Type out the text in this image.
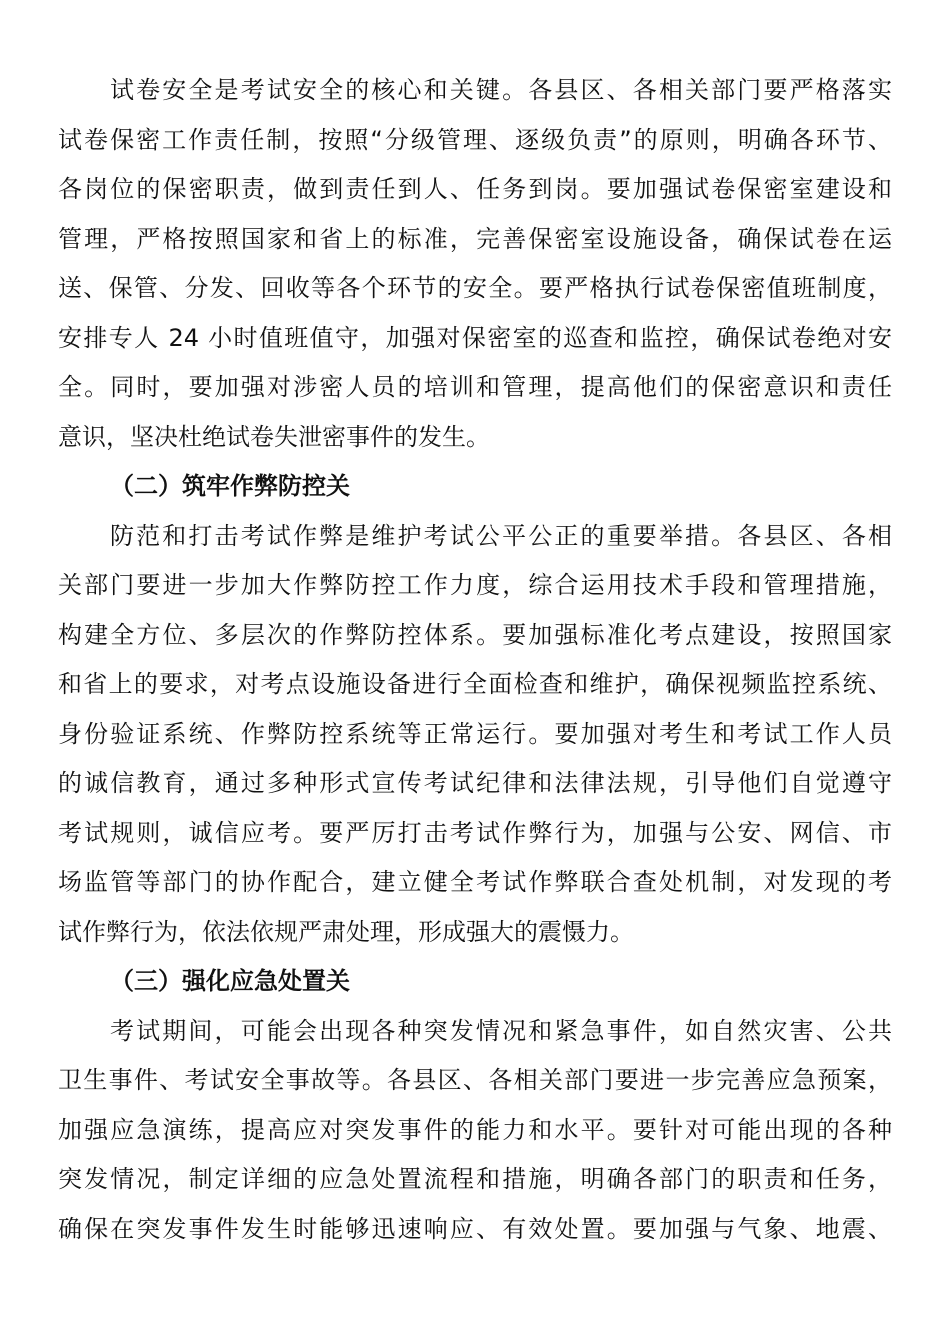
试卷安全是考试安全的核心和关键。各县区、各相关部门要严格落实
试卷保密工作责任制，按照“分级管理、逐级负责”的原则，明确各环节、
各岗位的保密职责，做到责任到人、任务到岗。要加强试卷保密室建设和
管理，严格按照国家和省上的标准，完善保密室设施设备，确保试卷在运
送、保管、分发、回收等各个环节的安全。要严格执行试卷保密值班制度，
安排专人 24 小时值班值守，加强对保密室的巡查和监控，确保试卷绝对安
全。同时，要加强对涉密人员的培训和管理，提高他们的保密意识和责任
意识，坚决杜绝试卷失泄密事件的发生。
（二）筑牢作弊防控关
防范和打击考试作弊是维护考试公平公正的重要举措。各县区、各相
关部门要进一步加大作弊防控工作力度，综合运用技术手段和管理措施，
构建全方位、多层次的作弊防控体系。要加强标准化考点建设，按照国家
和省上的要求，对考点设施设备进行全面检查和维护，确保视频监控系统、
身份验证系统、作弊防控系统等正常运行。要加强对考生和考试工作人员
的诚信教育，通过多种形式宣传考试纪律和法律法规，引导他们自觉遵守
考试规则，诚信应考。要严厉打击考试作弊行为，加强与公安、网信、市
场监管等部门的协作配合，建立健全考试作弊联合查处机制，对发现的考
试作弊行为，依法依规严肃处理，形成强大的震慑力。
（三）强化应急处置关
考试期间，可能会出现各种突发情况和紧急事件，如自然灾害、公共
卫生事件、考试安全事故等。各县区、各相关部门要进一步完善应急预案，
加强应急演练，提高应对突发事件的能力和水平。要针对可能出现的各种
突发情况，制定详细的应急处置流程和措施，明确各部门的职责和任务，
确保在突发事件发生时能够迅速响应、有效处置。要加强与气象、地震、
